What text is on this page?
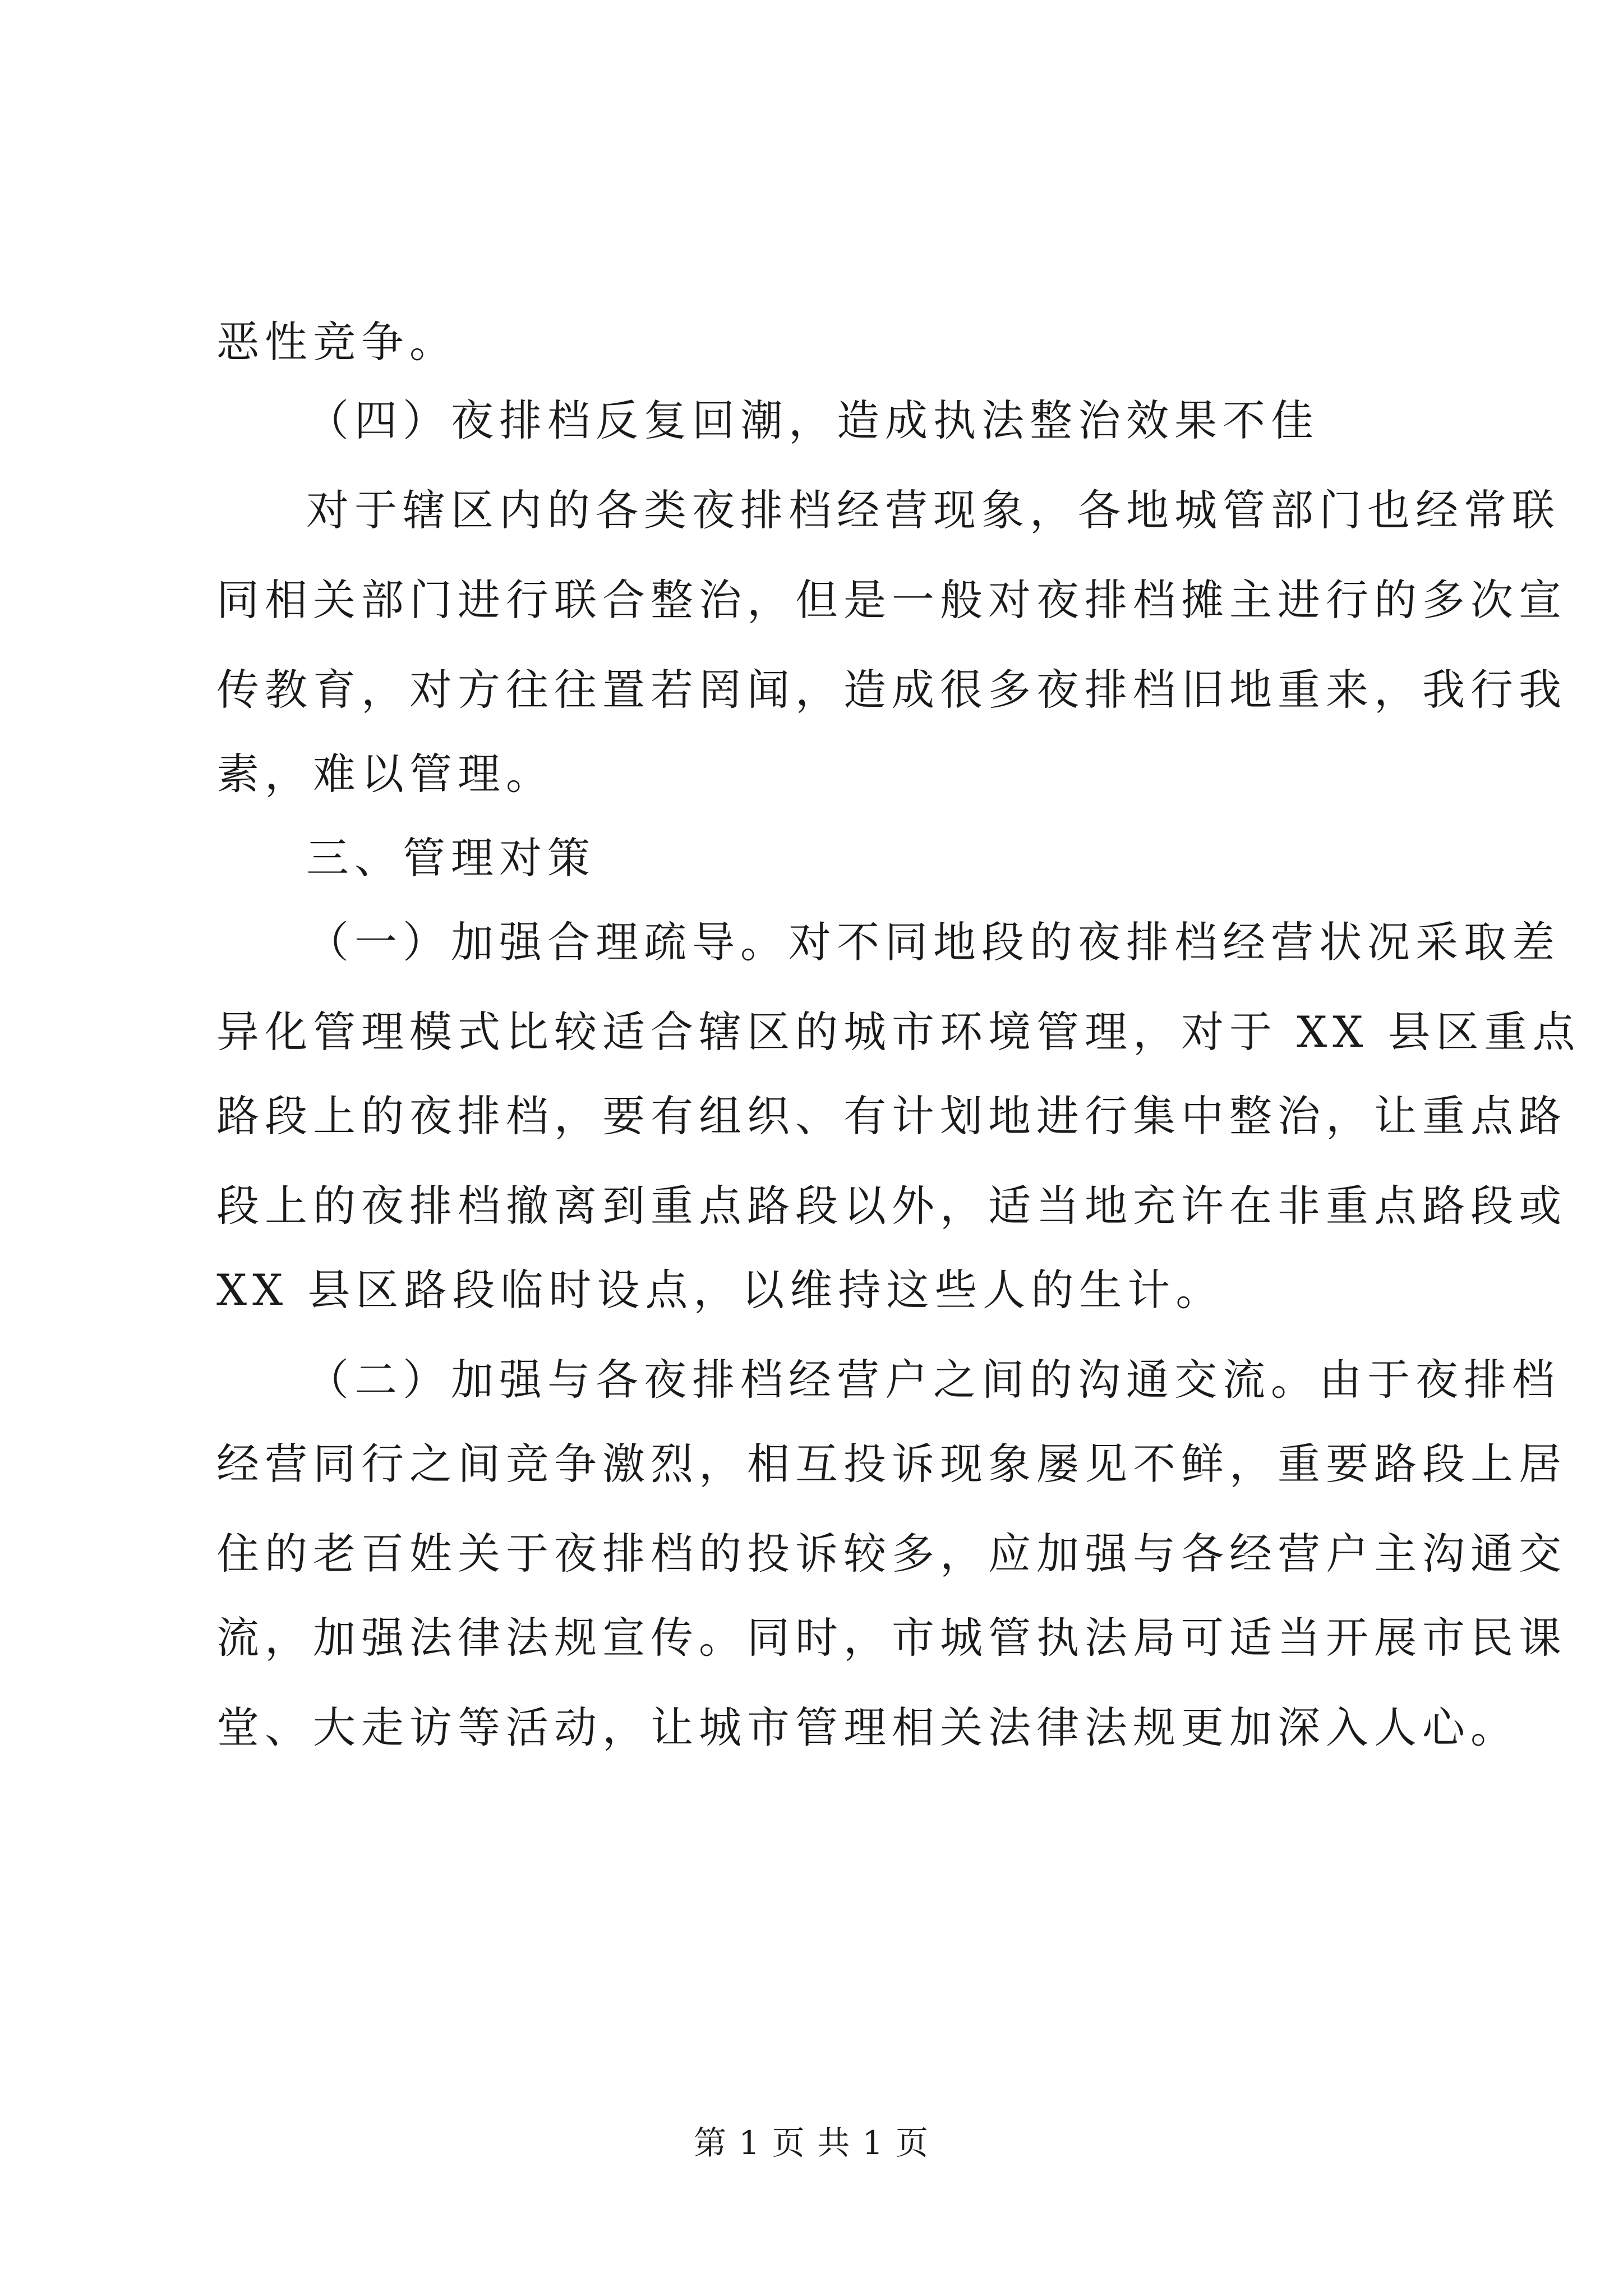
恶性竞争。
（四）夜排档反复回潮，造成执法整治效果不佳
对于辖区内的各类夜排档经营现象，各地城管部门也经常联
同相关部门进行联合整治，但是一般对夜排档摊主进行的多次宣
传教育，对方往往置若罔闻，造成很多夜排档旧地重来，我行我
素，难以管理。
三、管理对策
（一）加强合理疏导。对不同地段的夜排档经营状况采取差
异化管理模式比较适合辖区的城市环境管理，对于 XX 县区重点
路段上的夜排档，要有组织、有计划地进行集中整治，让重点路
段上的夜排档撤离到重点路段以外，适当地充许在非重点路段或
XX 县区路段临时设点，以维持这些人的生计。
（二）加强与各夜排档经营户之间的沟通交流。由于夜排档
经营同行之间竞争激烈，相互投诉现象屡见不鲜，重要路段上居
住的老百姓关于夜排档的投诉较多，应加强与各经营户主沟通交
流，加强法律法规宣传。同时，市城管执法局可适当开展市民课
堂、大走访等活动，让城市管理相关法律法规更加深入人心。
第 1 页 共 1 页
